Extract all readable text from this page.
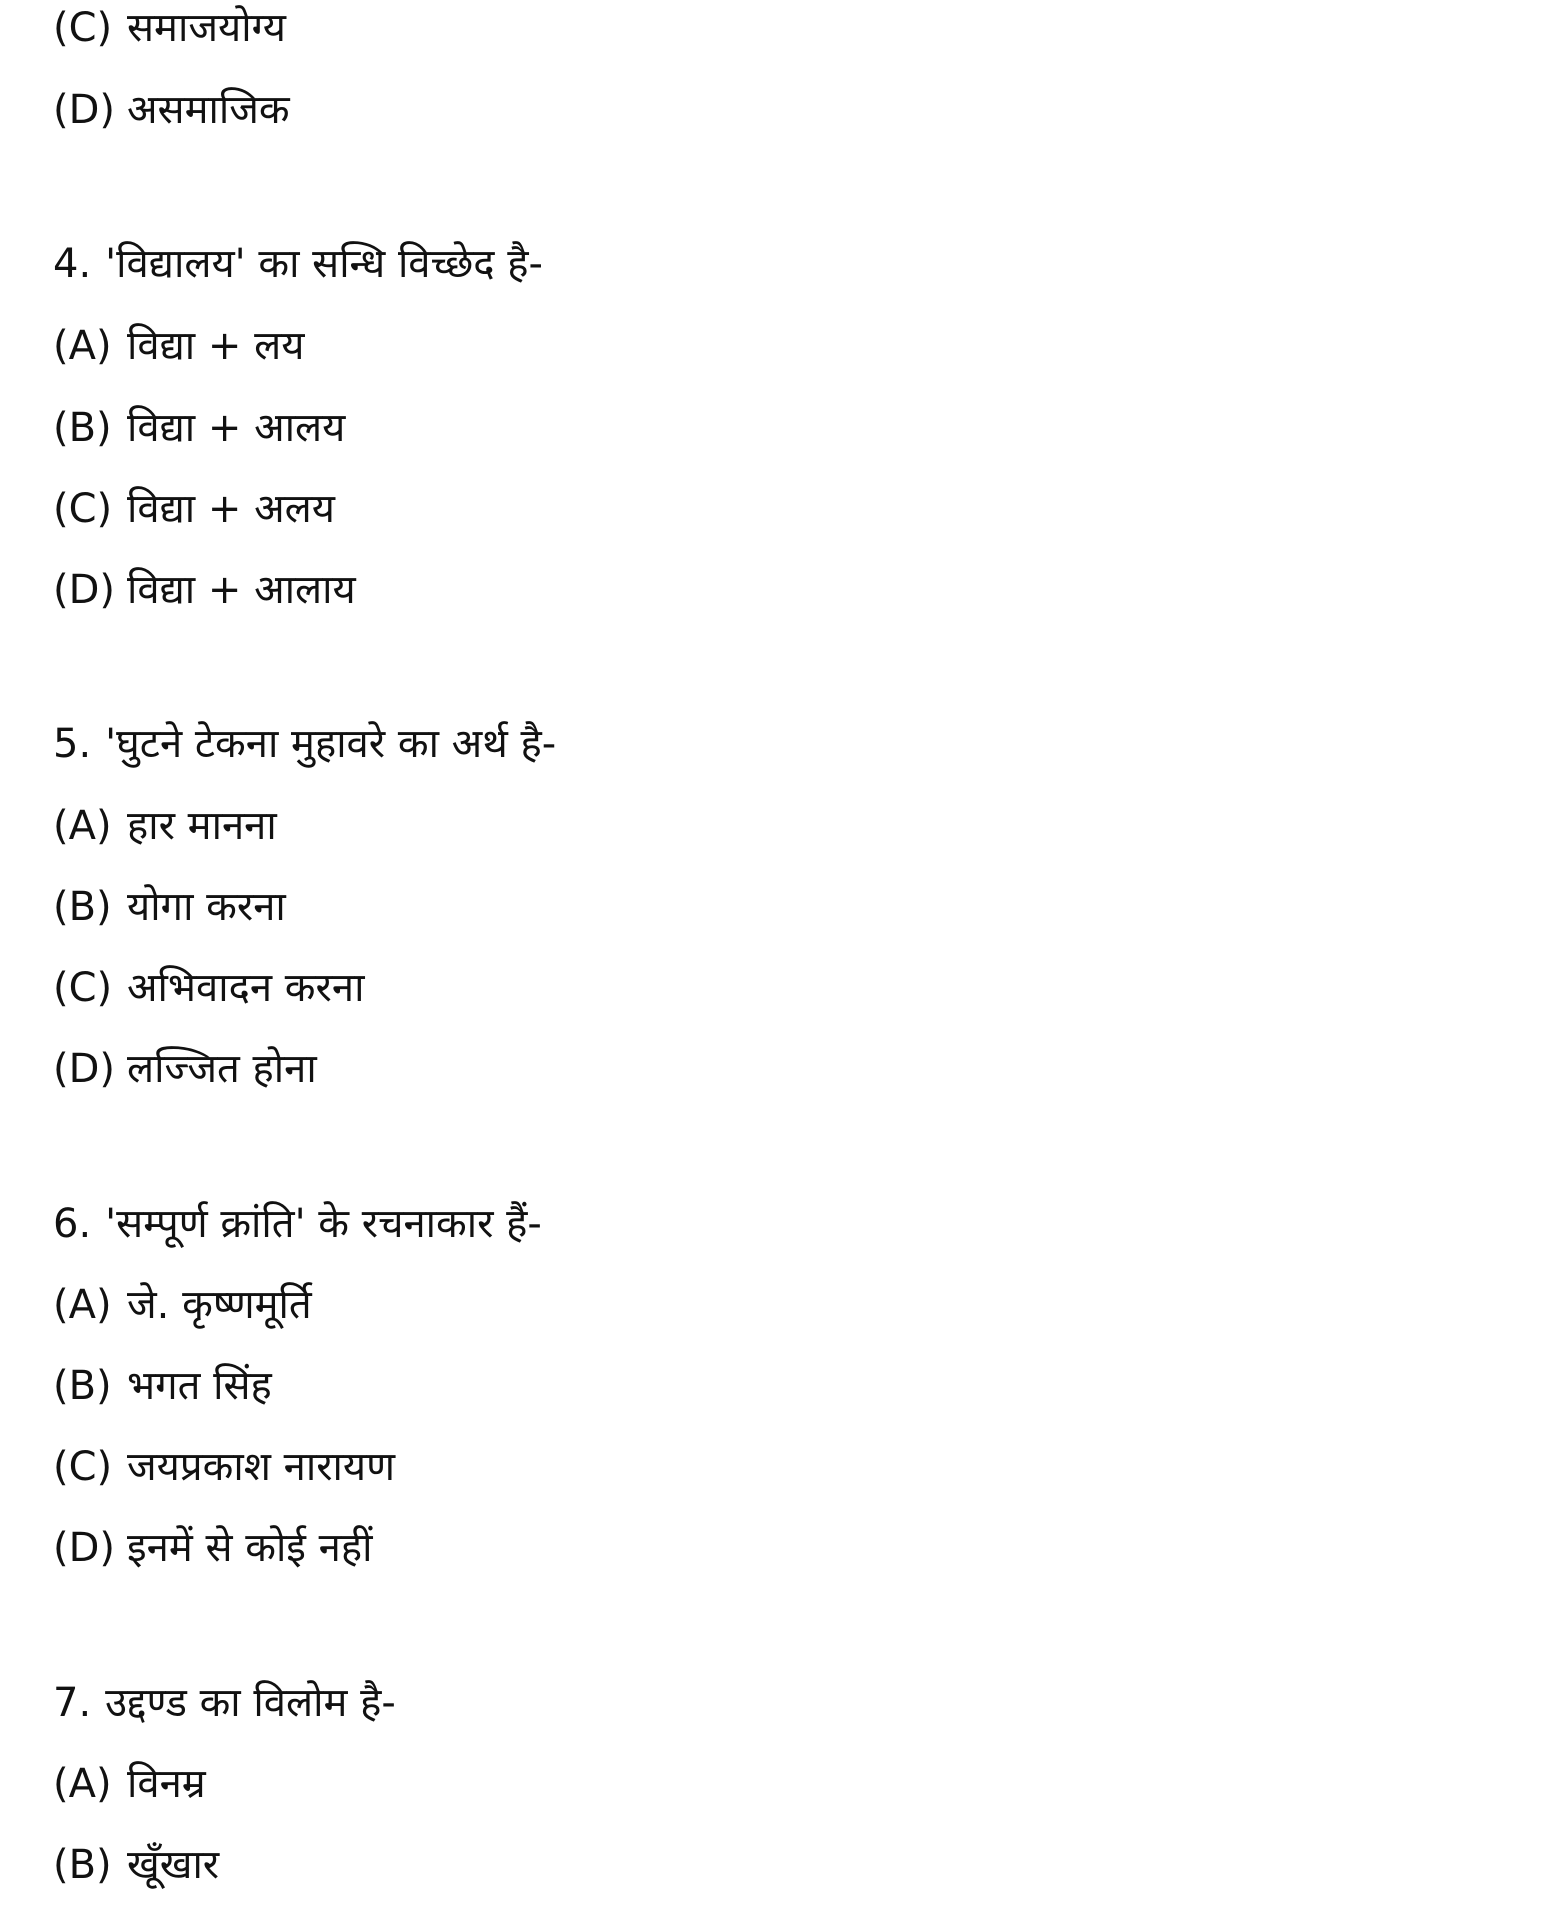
(C) समाजयोग्य
(D) असमाजिक
4. 'विद्यालय' का सन्धि विच्छेद है-
(A) विद्या + लय
(B) विद्या + आलय
(C) विद्या + अलय
(D) विद्या + आलाय
5. 'घुटने टेकना मुहावरे का अर्थ है-
(A) हार मानना
(B) योगा करना
(C) अभिवादन करना
(D) लज्जित होना
6. 'सम्पूर्ण क्रांति' के रचनाकार हैं-
(A) जे. कृष्णमूर्ति
(B) भगत सिंह
(C) जयप्रकाश नारायण
(D) इनमें से कोई नहीं
7. उद्दण्ड का विलोम है-
(A) विनम्र
(B) खूँखार
